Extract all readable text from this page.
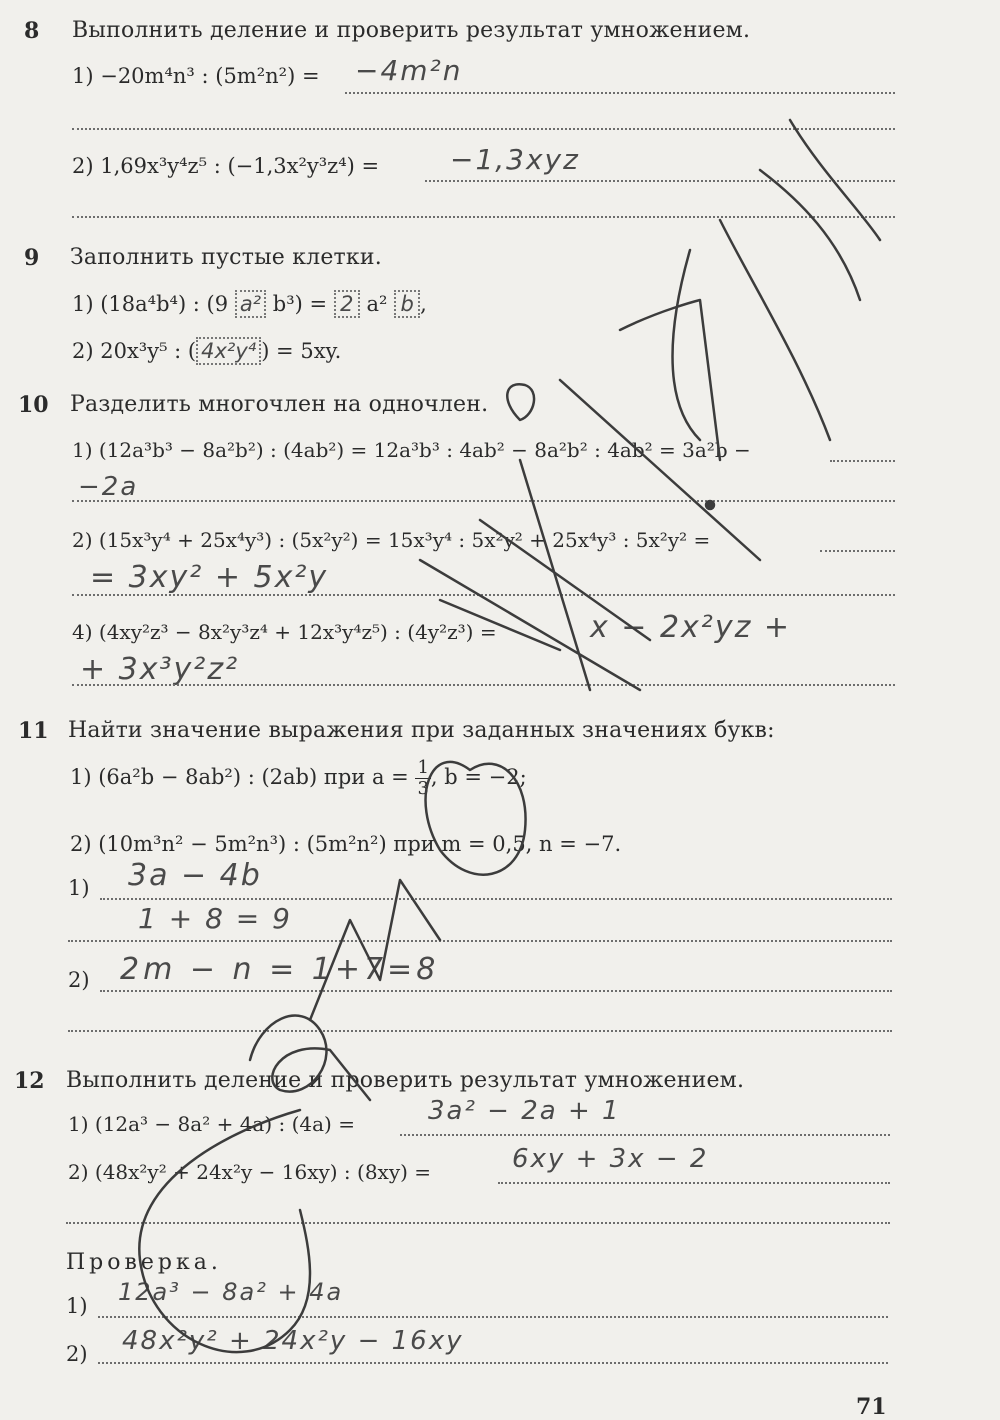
8 Выполнить деление и проверить результат умножением.
1) −20m⁴n³ : (5m²n²) = −4m²n
2) 1,69x³y⁴z⁵ : (−1,3x²y³z⁴) =	−1,3xyz
9 Заполнить пустые клетки.
1) (18a⁴b⁴) : (9 a² b³) = 2 a² b ,
2) 20x³y⁵ : ( 4x²y⁴ ) = 5xy.
10 Разделить многочлен на одночлен.
1) (12a³b³ − 8a²b²) : (4ab²) = 12a³b³ : 4ab² − 8a²b² : 4ab² = 3a²b −
−2a
2) (15x³y⁴ + 25x⁴y³) : (5x²y²) = 15x³y⁴ : 5x²y² + 25x⁴y³ : 5x²y² =
= 3xy² + 5x²y
4) (4xy²z³ − 8x²y³z⁴ + 12x³y⁴z⁵) : (4y²z³) =	x − 2x²yz +
+ 3x³y²z²
11 Найти значение выражения при заданных значениях букв:
1) (6a²b − 8ab²) : (2ab) при $a = \frac{1}{3}$ , b = −2;
2) (10m³n² − 5m²n³) : (5m²n²) при m = 0,5, n = −7.
1) 3a − 4b
1 + 8 = 9
2) 2m − n = 1+7=8
12 Выполнить деление и проверить результат умножением.
1) (12a³ − 8a² + 4a) : (4a) =	3a² − 2a + 1
2) (48x²y² + 24x²y − 16xy) : (8xy) =	6xy + 3x − 2
Проверка.
1) 12a³ − 8a² + 4a
2) 48x²y² + 24x²y − 16xy
71
